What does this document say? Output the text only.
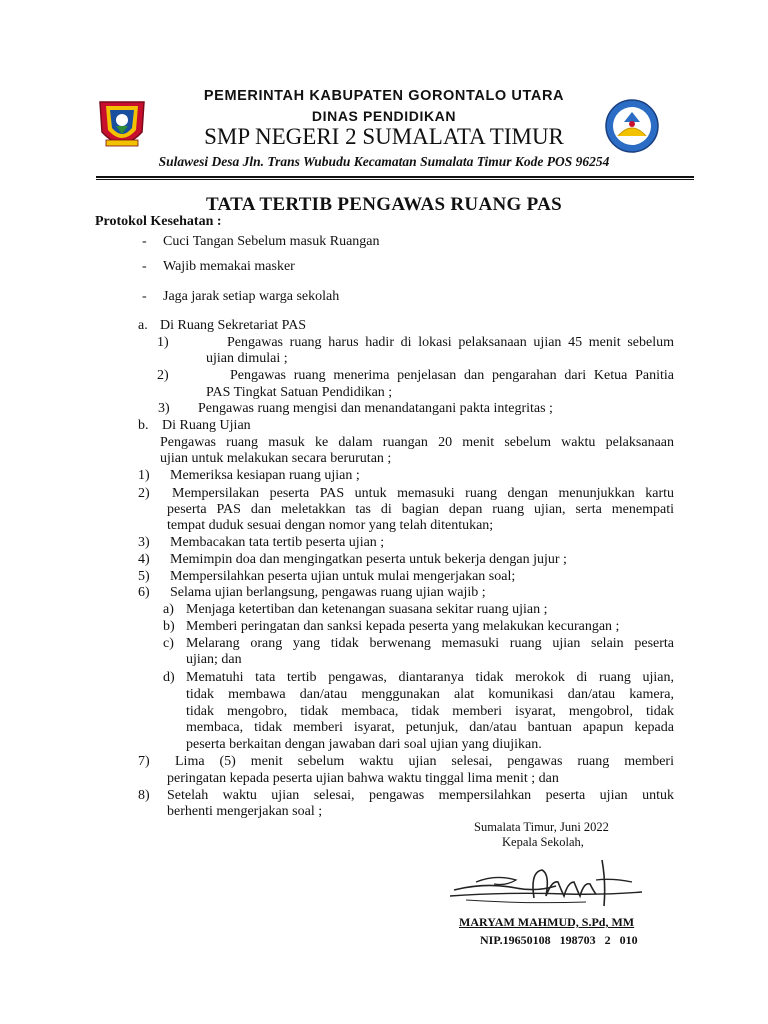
PEMERINTAH KABUPATEN GORONTALO UTARA
DINAS PENDIDIKAN
SMP NEGERI 2 SUMALATA TIMUR
Sulawesi Desa Jln. Trans Wubudu Kecamatan Sumalata Timur Kode POS 96254
TATA TERTIB PENGAWAS RUANG PAS
Protokol Kesehatan :
- Cuci Tangan Sebelum masuk Ruangan
- Wajib memakai masker
- Jaga jarak setiap warga sekolah
a. Di Ruang Sekretariat PAS
1)	Pengawas ruang harus hadir di lokasi pelaksanaan ujian 45 menit sebelum
ujian dimulai ;
2)	Pengawas ruang menerima penjelasan dan pengarahan dari Ketua Panitia
PAS Tingkat Satuan Pendidikan ;
3) Pengawas ruang mengisi dan menandatangani pakta integritas ;
b. Di Ruang Ujian
Pengawas ruang masuk ke dalam ruangan 20 menit sebelum waktu pelaksanaan
ujian untuk melakukan secara berurutan ;
1) Memeriksa kesiapan ruang ujian ;
2) Mempersilakan peserta PAS untuk memasuki ruang dengan menunjukkan kartu
peserta PAS dan meletakkan tas di bagian depan ruang ujian, serta menempati
tempat duduk sesuai dengan nomor yang telah ditentukan;
3) Membacakan tata tertib peserta ujian ;
4) Memimpin doa dan mengingatkan peserta untuk bekerja dengan jujur ;
5) Mempersilahkan peserta ujian untuk mulai mengerjakan soal;
6) Selama ujian berlangsung, pengawas ruang ujian wajib ;
a) Menjaga ketertiban dan ketenangan suasana sekitar ruang ujian ;
b) Memberi peringatan dan sanksi kepada peserta yang melakukan kecurangan ;
c) Melarang orang yang tidak berwenang memasuki ruang ujian selain peserta
ujian; dan
d) Mematuhi tata tertib pengawas, diantaranya tidak merokok di ruang ujian,
tidak membawa dan/atau menggunakan alat komunikasi dan/atau kamera,
tidak mengobro, tidak membaca, tidak memberi isyarat, mengobrol, tidak
membaca, tidak memberi isyarat, petunjuk, dan/atau bantuan apapun kepada
peserta berkaitan dengan jawaban dari soal ujian yang diujikan.
7) Lima (5) menit sebelum waktu ujian selesai, pengawas ruang memberi
peringatan kepada peserta ujian bahwa waktu tinggal lima menit ; dan
8) Setelah waktu ujian selesai, pengawas mempersilahkan peserta ujian untuk
berhenti mengerjakan soal ;
Sumalata Timur, Juni 2022
Kepala Sekolah,
MARYAM MAHMUD, S.Pd, MM
NIP.19650108   198703   2   010
